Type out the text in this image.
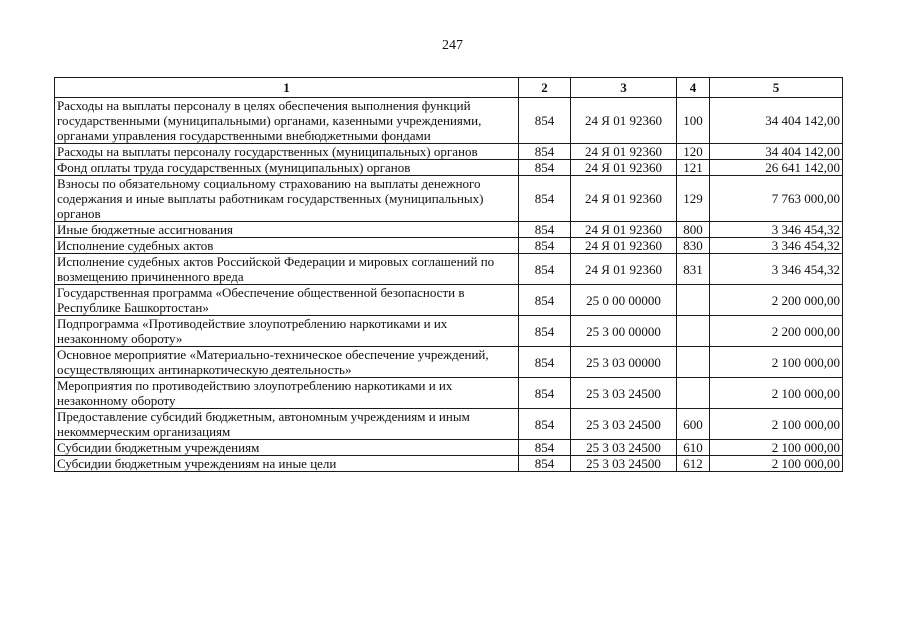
247
1	2	3	4	5
Расходы на выплаты персоналу в целях обеспечения выполнения функций государственными (муниципальными) органами, казенными учреждениями, органами управления государственными внебюджетными фондами	854	24 Я 01 92360	100	34 404 142,00
Расходы на выплаты персоналу государственных (муниципальных) органов	854	24 Я 01 92360	120	34 404 142,00
Фонд оплаты труда государственных (муниципальных) органов	854	24 Я 01 92360	121	26 641 142,00
Взносы по обязательному социальному страхованию на выплаты денежного содержания и иные выплаты работникам государственных (муниципальных) органов	854	24 Я 01 92360	129	7 763 000,00
Иные бюджетные ассигнования	854	24 Я 01 92360	800	3 346 454,32
Исполнение судебных актов	854	24 Я 01 92360	830	3 346 454,32
Исполнение судебных актов Российской Федерации и мировых соглашений по возмещению причиненного вреда	854	24 Я 01 92360	831	3 346 454,32
Государственная программа «Обеспечение общественной безопасности в Республике Башкортостан»	854	25 0 00 00000		2 200 000,00
Подпрограмма «Противодействие злоупотреблению наркотиками и их незаконному обороту»	854	25 3 00 00000		2 200 000,00
Основное мероприятие «Материально-техническое обеспечение учреждений, осуществляющих антинаркотическую деятельность»	854	25 3 03 00000		2 100 000,00
Мероприятия по противодействию злоупотреблению наркотиками и их незаконному обороту	854	25 3 03 24500		2 100 000,00
Предоставление субсидий бюджетным, автономным учреждениям и иным некоммерческим организациям	854	25 3 03 24500	600	2 100 000,00
Субсидии бюджетным учреждениям	854	25 3 03 24500	610	2 100 000,00
Субсидии бюджетным учреждениям на иные цели	854	25 3 03 24500	612	2 100 000,00
